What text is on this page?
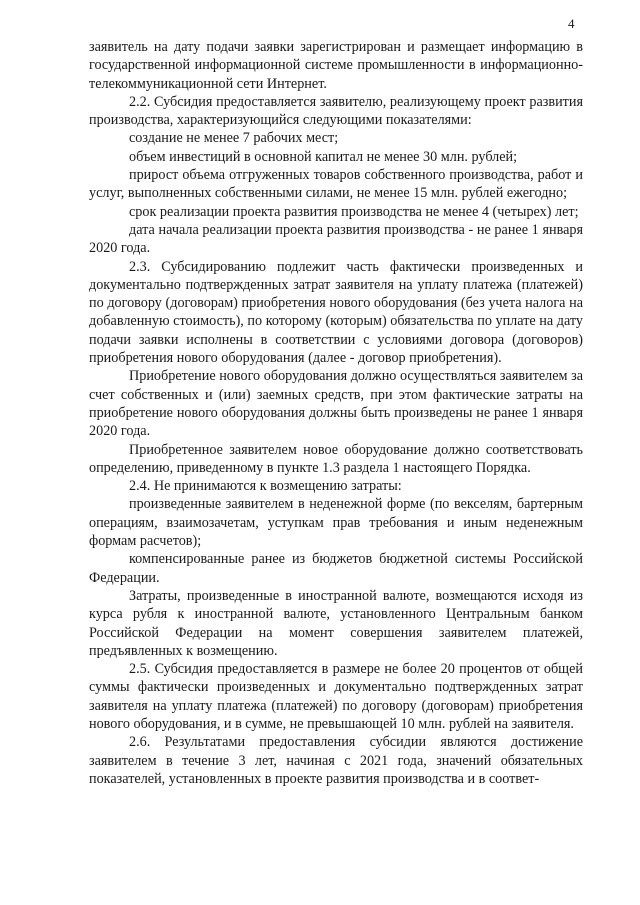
4

заявитель на дату подачи заявки зарегистрирован и размещает информацию в государственной информационной системе промышленности в информационно-телекоммуникационной сети Интернет.

2.2. Субсидия предоставляется заявителю, реализующему проект развития производства, характеризующийся следующими показателями:

создание не менее 7 рабочих мест;

объем инвестиций в основной капитал не менее 30 млн. рублей;

прирост объема отгруженных товаров собственного производства, работ и услуг, выполненных собственными силами, не менее 15 млн. рублей ежегодно;

срок реализации проекта развития производства не менее 4 (четырех) лет;

дата начала реализации проекта развития производства - не ранее 1 января 2020 года.

2.3. Субсидированию подлежит часть фактически произведенных и документально подтвержденных затрат заявителя на уплату платежа (платежей) по договору (договорам) приобретения нового оборудования (без учета налога на добавленную стоимость), по которому (которым) обязательства по уплате на дату подачи заявки исполнены в соответствии с условиями договора (договоров) приобретения нового оборудования (далее - договор приобретения).

Приобретение нового оборудования должно осуществляться заявителем за счет собственных и (или) заемных средств, при этом фактические затраты на приобретение нового оборудования должны быть произведены не ранее 1 января 2020 года.

Приобретенное заявителем новое оборудование должно соответствовать определению, приведенному в пункте 1.3 раздела 1 настоящего Порядка.

2.4. Не принимаются к возмещению затраты:

произведенные заявителем в неденежной форме (по векселям, бартерным операциям, взаимозачетам, уступкам прав требования и иным неденежным формам расчетов);

компенсированные ранее из бюджетов бюджетной системы Российской Федерации.

Затраты, произведенные в иностранной валюте, возмещаются исходя из курса рубля к иностранной валюте, установленного Центральным банком Российской Федерации на момент совершения заявителем платежей, предъявленных к возмещению.

2.5. Субсидия предоставляется в размере не более 20 процентов от общей суммы фактически произведенных и документально подтвержденных затрат заявителя на уплату платежа (платежей) по договору (договорам) приобретения нового оборудования, и в сумме, не превышающей 10 млн. рублей на заявителя.

2.6. Результатами предоставления субсидии являются достижение заявителем в течение 3 лет, начиная с 2021 года, значений обязательных показателей, установленных в проекте развития производства и в соответ-
